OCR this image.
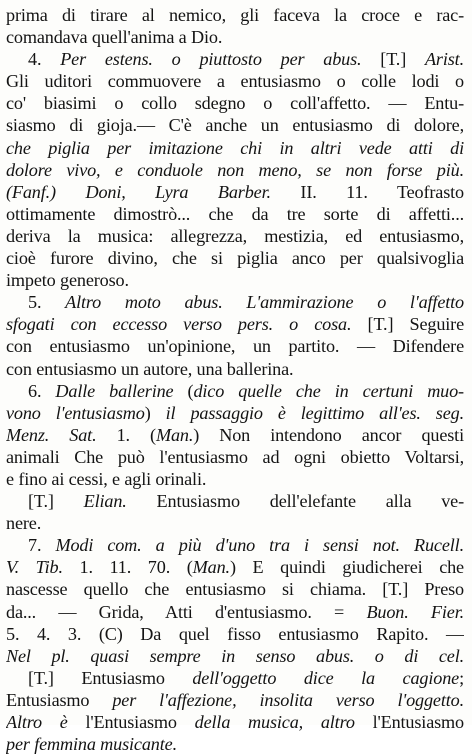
prima di tirare al nemico, gli faceva la croce e rac-
comandava quell'anima a Dio.
4. Per estens. o piuttosto per abus. [T.] Arist.
Gli uditori commuovere a entusiasmo o colle lodi o
co' biasimi o collo sdegno o coll'affetto. — Entu-
siasmo di gioja.— C'è anche un entusiasmo di dolore,
che piglia per imitazione chi in altri vede atti di
dolore vivo, e conduole non meno, se non forse più.
(Fanf.) Doni, Lyra Barber. II. 11. Teofrasto
ottimamente dimostrò... che da tre sorte di affetti...
deriva la musica: allegrezza, mestizia, ed entusiasmo,
cioè furore divino, che si piglia anco per qualsivoglia
impeto generoso.
5. Altro moto abus. L'ammirazione o l'affetto
sfogati con eccesso verso pers. o cosa. [T.] Seguire
con entusiasmo un'opinione, un partito. — Difendere
con entusiasmo un autore, una ballerina.
6. Dalle ballerine (dico quelle che in certuni muo-
vono l'entusiasmo) il passaggio è legittimo all'es. seg.
Menz. Sat. 1. (Man.) Non intendono ancor questi
animali Che può l'entusiasmo ad ogni obietto Voltarsi,
e fino ai cessi, e agli orinali.
[T.] Elian. Entusiasmo dell'elefante alla ve-
nere.
7. Modi com. a più d'uno tra i sensi not. Rucell.
V. Tib. 1. 11. 70. (Man.) E quindi giudicherei che
nascesse quello che entusiasmo si chiama. [T.] Preso
da... — Grida, Atti d'entusiasmo. = Buon. Fier.
5. 4. 3. (C) Da quel fisso entusiasmo Rapito. —
Nel pl. quasi sempre in senso abus. o di cel.
[T.] Entusiasmo dell'oggetto dice la cagione;
Entusiasmo per l'affezione, insolita verso l'oggetto.
Altro è l'Entusiasmo della musica, altro l'Entusiasmo
per femmina musicante.
